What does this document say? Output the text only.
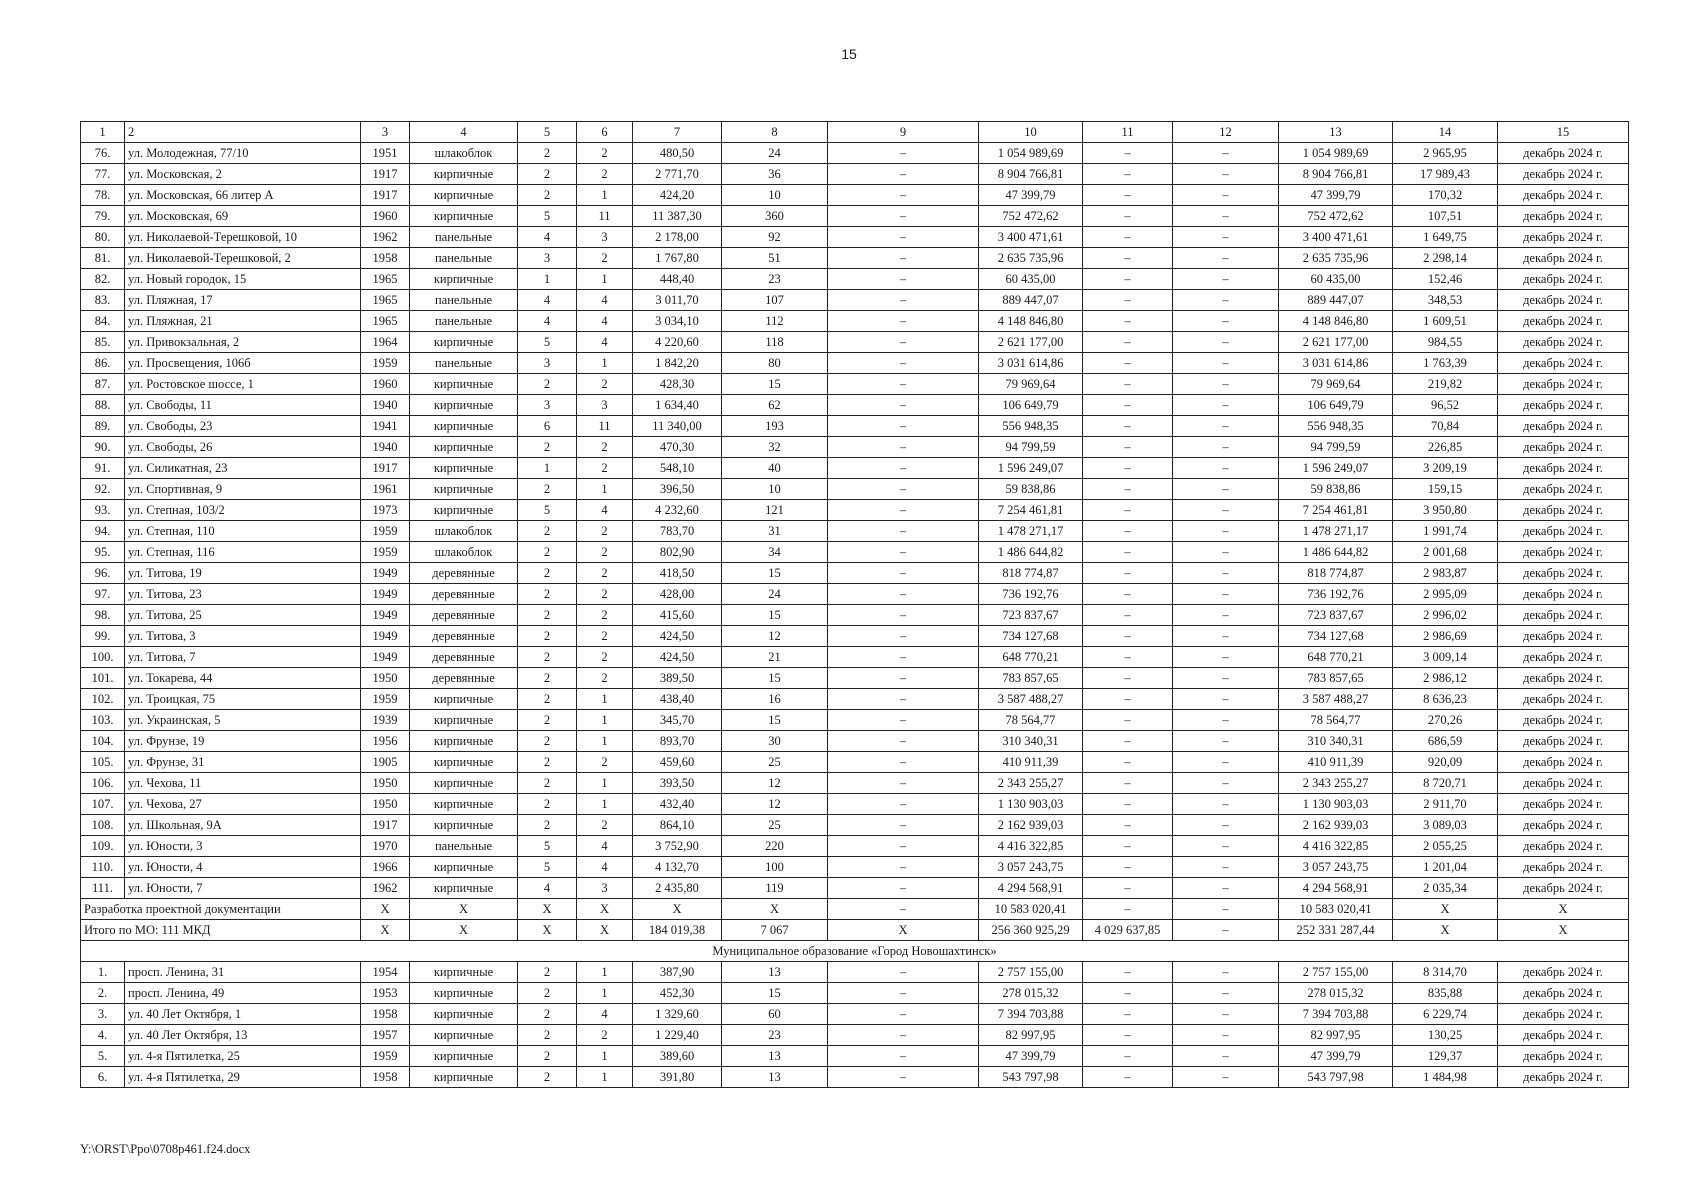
15
1	2	3	4	5	6	7	8	9	10	11	12	13	14	15
76.	ул. Молодежная, 77/10	1951	шлакоблок	2	2	480,50	24	–	1 054 989,69	–	–	1 054 989,69	2 965,95	декабрь 2024 г.
77.	ул. Московская, 2	1917	кирпичные	2	2	2 771,70	36	–	8 904 766,81	–	–	8 904 766,81	17 989,43	декабрь 2024 г.
78.	ул. Московская, 66 литер А	1917	кирпичные	2	1	424,20	10	–	47 399,79	–	–	47 399,79	170,32	декабрь 2024 г.
79.	ул. Московская, 69	1960	кирпичные	5	11	11 387,30	360	–	752 472,62	–	–	752 472,62	107,51	декабрь 2024 г.
80.	ул. Николаевой-Терешковой, 10	1962	панельные	4	3	2 178,00	92	–	3 400 471,61	–	–	3 400 471,61	1 649,75	декабрь 2024 г.
81.	ул. Николаевой-Терешковой, 2	1958	панельные	3	2	1 767,80	51	–	2 635 735,96	–	–	2 635 735,96	2 298,14	декабрь 2024 г.
82.	ул. Новый городок, 15	1965	кирпичные	1	1	448,40	23	–	60 435,00	–	–	60 435,00	152,46	декабрь 2024 г.
83.	ул. Пляжная, 17	1965	панельные	4	4	3 011,70	107	–	889 447,07	–	–	889 447,07	348,53	декабрь 2024 г.
84.	ул. Пляжная, 21	1965	панельные	4	4	3 034,10	112	–	4 148 846,80	–	–	4 148 846,80	1 609,51	декабрь 2024 г.
85.	ул. Привокзальная, 2	1964	кирпичные	5	4	4 220,60	118	–	2 621 177,00	–	–	2 621 177,00	984,55	декабрь 2024 г.
86.	ул. Просвещения, 106б	1959	панельные	3	1	1 842,20	80	–	3 031 614,86	–	–	3 031 614,86	1 763,39	декабрь 2024 г.
87.	ул. Ростовское шоссе, 1	1960	кирпичные	2	2	428,30	15	–	79 969,64	–	–	79 969,64	219,82	декабрь 2024 г.
88.	ул. Свободы, 11	1940	кирпичные	3	3	1 634,40	62	–	106 649,79	–	–	106 649,79	96,52	декабрь 2024 г.
89.	ул. Свободы, 23	1941	кирпичные	6	11	11 340,00	193	–	556 948,35	–	–	556 948,35	70,84	декабрь 2024 г.
90.	ул. Свободы, 26	1940	кирпичные	2	2	470,30	32	–	94 799,59	–	–	94 799,59	226,85	декабрь 2024 г.
91.	ул. Силикатная, 23	1917	кирпичные	1	2	548,10	40	–	1 596 249,07	–	–	1 596 249,07	3 209,19	декабрь 2024 г.
92.	ул. Спортивная, 9	1961	кирпичные	2	1	396,50	10	–	59 838,86	–	–	59 838,86	159,15	декабрь 2024 г.
93.	ул. Степная, 103/2	1973	кирпичные	5	4	4 232,60	121	–	7 254 461,81	–	–	7 254 461,81	3 950,80	декабрь 2024 г.
94.	ул. Степная, 110	1959	шлакоблок	2	2	783,70	31	–	1 478 271,17	–	–	1 478 271,17	1 991,74	декабрь 2024 г.
95.	ул. Степная, 116	1959	шлакоблок	2	2	802,90	34	–	1 486 644,82	–	–	1 486 644,82	2 001,68	декабрь 2024 г.
96.	ул. Титова, 19	1949	деревянные	2	2	418,50	15	–	818 774,87	–	–	818 774,87	2 983,87	декабрь 2024 г.
97.	ул. Титова, 23	1949	деревянные	2	2	428,00	24	–	736 192,76	–	–	736 192,76	2 995,09	декабрь 2024 г.
98.	ул. Титова, 25	1949	деревянные	2	2	415,60	15	–	723 837,67	–	–	723 837,67	2 996,02	декабрь 2024 г.
99.	ул. Титова, 3	1949	деревянные	2	2	424,50	12	–	734 127,68	–	–	734 127,68	2 986,69	декабрь 2024 г.
100.	ул. Титова, 7	1949	деревянные	2	2	424,50	21	–	648 770,21	–	–	648 770,21	3 009,14	декабрь 2024 г.
101.	ул. Токарева, 44	1950	деревянные	2	2	389,50	15	–	783 857,65	–	–	783 857,65	2 986,12	декабрь 2024 г.
102.	ул. Троицкая, 75	1959	кирпичные	2	1	438,40	16	–	3 587 488,27	–	–	3 587 488,27	8 636,23	декабрь 2024 г.
103.	ул. Украинская, 5	1939	кирпичные	2	1	345,70	15	–	78 564,77	–	–	78 564,77	270,26	декабрь 2024 г.
104.	ул. Фрунзе, 19	1956	кирпичные	2	1	893,70	30	–	310 340,31	–	–	310 340,31	686,59	декабрь 2024 г.
105.	ул. Фрунзе, 31	1905	кирпичные	2	2	459,60	25	–	410 911,39	–	–	410 911,39	920,09	декабрь 2024 г.
106.	ул. Чехова, 11	1950	кирпичные	2	1	393,50	12	–	2 343 255,27	–	–	2 343 255,27	8 720,71	декабрь 2024 г.
107.	ул. Чехова, 27	1950	кирпичные	2	1	432,40	12	–	1 130 903,03	–	–	1 130 903,03	2 911,70	декабрь 2024 г.
108.	ул. Школьная, 9А	1917	кирпичные	2	2	864,10	25	–	2 162 939,03	–	–	2 162 939,03	3 089,03	декабрь 2024 г.
109.	ул. Юности, 3	1970	панельные	5	4	3 752,90	220	–	4 416 322,85	–	–	4 416 322,85	2 055,25	декабрь 2024 г.
110.	ул. Юности, 4	1966	кирпичные	5	4	4 132,70	100	–	3 057 243,75	–	–	3 057 243,75	1 201,04	декабрь 2024 г.
111.	ул. Юности, 7	1962	кирпичные	4	3	2 435,80	119	–	4 294 568,91	–	–	4 294 568,91	2 035,34	декабрь 2024 г.
Разработка проектной документации		Х	Х	Х	Х	Х	Х	–	10 583 020,41	–	–	10 583 020,41	Х	Х
Итого по МО: 111 МКД		Х	Х	Х	Х	184 019,38	7 067	Х	256 360 925,29	4 029 637,85	–	252 331 287,44	Х	Х
Муниципальное образование «Город Новошахтинск»														
1.	просп. Ленина, 31	1954	кирпичные	2	1	387,90	13	–	2 757 155,00	–	–	2 757 155,00	8 314,70	декабрь 2024 г.
2.	просп. Ленина, 49	1953	кирпичные	2	1	452,30	15	–	278 015,32	–	–	278 015,32	835,88	декабрь 2024 г.
3.	ул. 40 Лет Октября, 1	1958	кирпичные	2	4	1 329,60	60	–	7 394 703,88	–	–	7 394 703,88	6 229,74	декабрь 2024 г.
4.	ул. 40 Лет Октября, 13	1957	кирпичные	2	2	1 229,40	23	–	82 997,95	–	–	82 997,95	130,25	декабрь 2024 г.
5.	ул. 4-я Пятилетка, 25	1959	кирпичные	2	1	389,60	13	–	47 399,79	–	–	47 399,79	129,37	декабрь 2024 г.
6.	ул. 4-я Пятилетка, 29	1958	кирпичные	2	1	391,80	13	–	543 797,98	–	–	543 797,98	1 484,98	декабрь 2024 г.
Y:\ORST\Ppo\0708p461.f24.docx
